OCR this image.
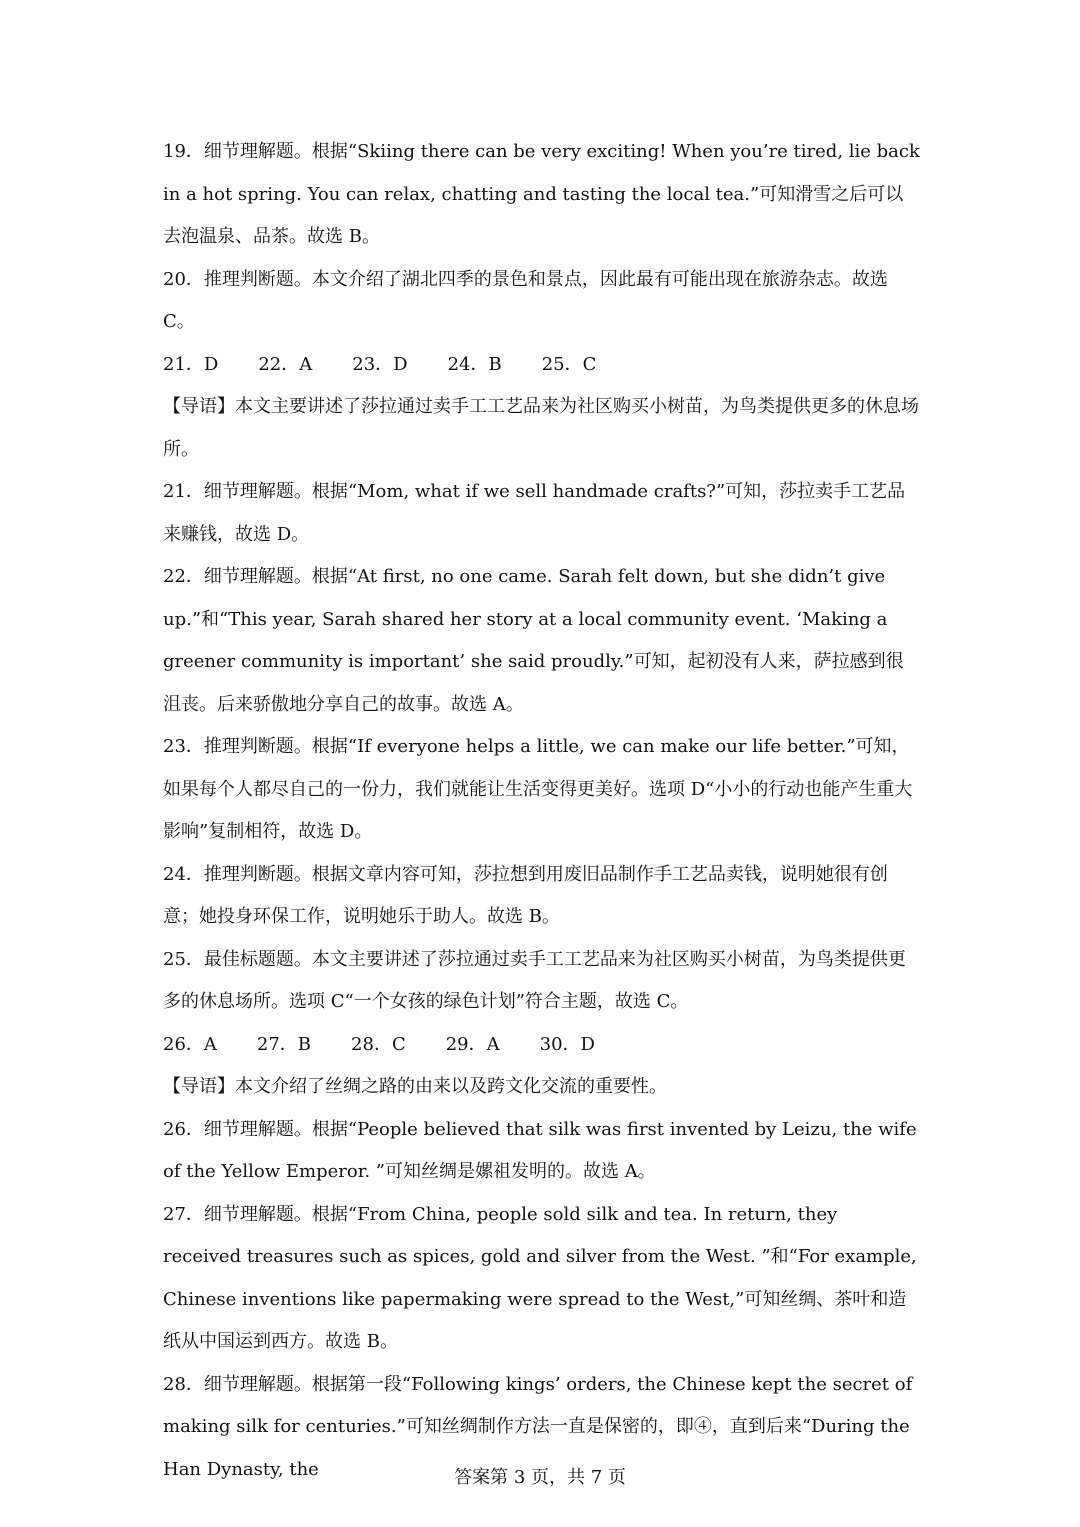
19．细节理解题。根据“Skiing there can be very exciting! When you’re tired, lie back in a hot spring. You can relax, chatting and tasting the local tea.”可知滑雪之后可以去泡温泉、品茶。故选 B。

20．推理判断题。本文介绍了湖北四季的景色和景点，因此最有可能出现在旅游杂志。故选 C。

21．D 22．A 23．D 24．B 25．C

【导语】本文主要讲述了莎拉通过卖手工工艺品来为社区购买小树苗，为鸟类提供更多的休息场所。

21．细节理解题。根据“Mom, what if we sell handmade crafts?”可知，莎拉卖手工艺品来赚钱，故选 D。

22．细节理解题。根据“At first, no one came. Sarah felt down, but she didn’t give up.”和“This year, Sarah shared her story at a local community event. ‘Making a greener community is important’ she said proudly.”可知，起初没有人来，萨拉感到很沮丧。后来骄傲地分享自己的故事。故选 A。

23．推理判断题。根据“If everyone helps a little, we can make our life better.”可知，如果每个人都尽自己的一份力，我们就能让生活变得更美好。选项 D“小小的行动也能产生重大影响”复制相符，故选 D。

24．推理判断题。根据文章内容可知，莎拉想到用废旧品制作手工艺品卖钱，说明她很有创意；她投身环保工作，说明她乐于助人。故选 B。

25．最佳标题题。本文主要讲述了莎拉通过卖手工工艺品来为社区购买小树苗，为鸟类提供更多的休息场所。选项 C“一个女孩的绿色计划”符合主题，故选 C。

26．A 27．B 28．C 29．A 30．D

【导语】本文介绍了丝绸之路的由来以及跨文化交流的重要性。

26．细节理解题。根据“People believed that silk was first invented by Leizu, the wife of the Yellow Emperor. ”可知丝绸是嫘祖发明的。故选 A。

27．细节理解题。根据“From China, people sold silk and tea. In return, they received treasures such as spices, gold and silver from the West. ”和“For example, Chinese inventions like papermaking were spread to the West,”可知丝绸、茶叶和造纸从中国运到西方。故选 B。

28．细节理解题。根据第一段“Following kings’ orders, the Chinese kept the secret of making silk for centuries.”可知丝绸制作方法一直是保密的，即④，直到后来“During the Han Dynasty, the	答案第 3 页，共 7 页
